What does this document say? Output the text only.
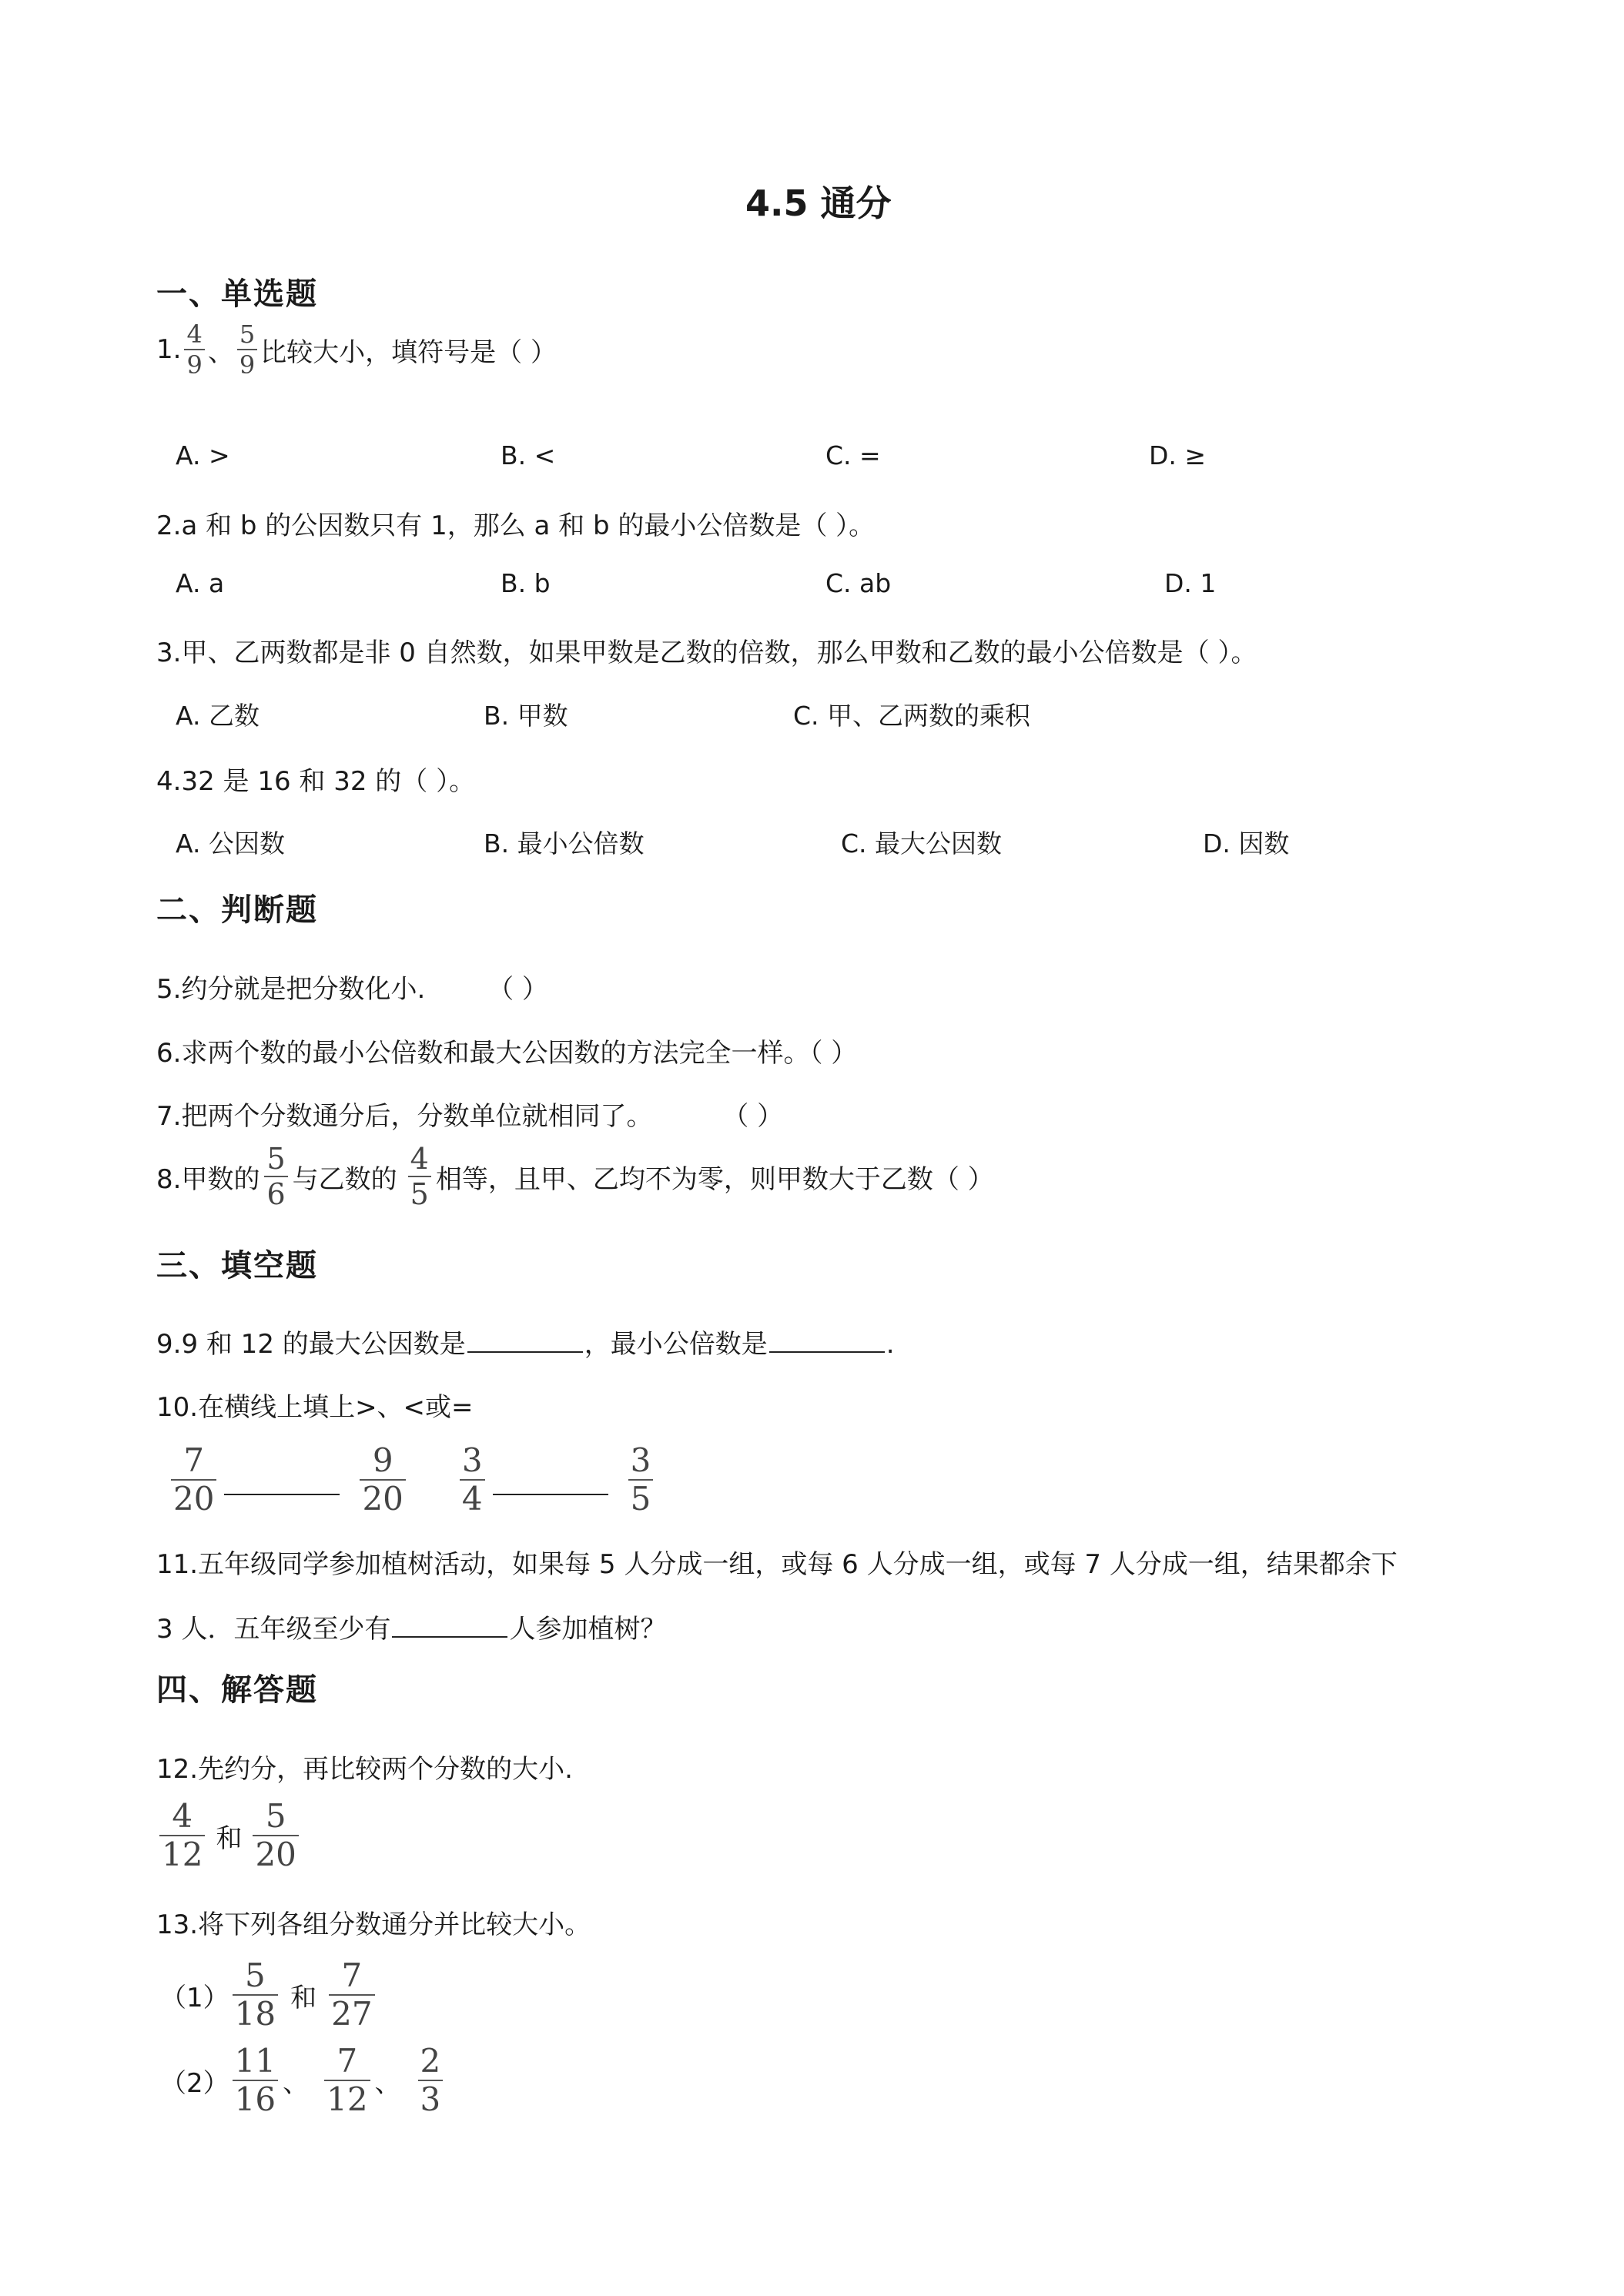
4.5 通分
一、单选题
1. $\frac{4}{9}$ 、 $\frac{5}{9}$ 比较大小，填符号是（ ）
A. >	B. <	C. =	D. ≥
2.a 和 b 的公因数只有 1，那么 a 和 b 的最小公倍数是（ ）。
A. a	B. b	C. ab	D. 1
3.甲、乙两数都是非 0 自然数，如果甲数是乙数的倍数，那么甲数和乙数的最小公倍数是（ ）。
A. 乙数	B. 甲数	C. 甲、乙两数的乘积
4.32 是 16 和 32 的（ ）。
A. 公因数	B. 最小公倍数	C. 最大公因数	D. 因数
二、判断题
5.约分就是把分数化小. （ ）
6.求两个数的最小公倍数和最大公因数的方法完全一样。（ ）
7.把两个分数通分后，分数单位就相同了。	（ ）
8.甲数的 $\frac{5}{6}$ 与乙数的 $\frac{4}{5}$ 相等，且甲、乙均不为零，则甲数大于乙数（ ）
三、填空题
9.9 和 12 的最大公因数是	，最小公倍数是	.
10.在横线上填上>、<或=
$\frac{7}{20}$	$\frac{9}{20} \frac{3}{4}$	$\frac{3}{5}$
11.五年级同学参加植树活动，如果每 5 人分成一组，或每 6 人分成一组，或每 7 人分成一组，结果都余下
3 人．五年级至少有	人参加植树？
四、解答题
12.先约分，再比较两个分数的大小.
$\frac{4}{12}$ 和 $\frac{5}{20}$
13.将下列各组分数通分并比较大小。
$(1) \frac{5}{18}$ 和 $\frac{7}{27}$
$(2) \frac{11}{16}$ 、 $\frac{7}{12}$ 、 $\frac{2}{3}$
